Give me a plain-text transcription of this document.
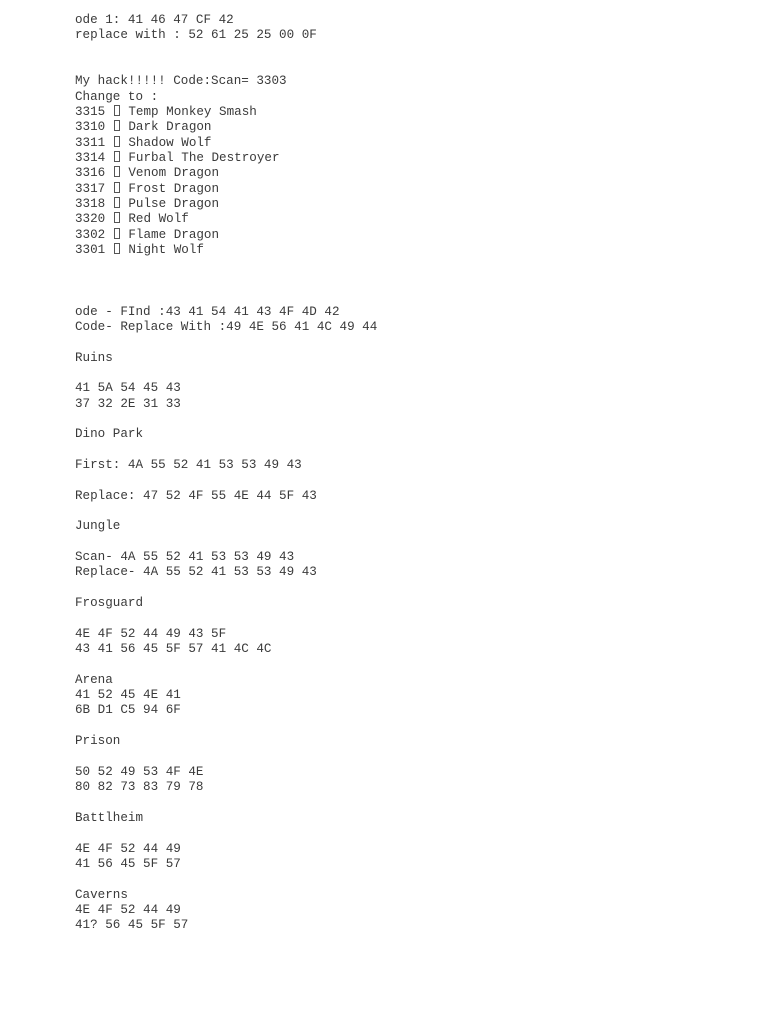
ode 1: 41 46 47 CF 42
replace with : 52 61 25 25 00 0F
My hack!!!!! Code:Scan= 3303
Change to :
3315 Temp Monkey Smash
3310 Dark Dragon
3311 Shadow Wolf
3314 Furbal The Destroyer
3316 Venom Dragon
3317 Frost Dragon
3318 Pulse Dragon
3320 Red Wolf
3302 Flame Dragon
3301 Night Wolf
ode - FInd :43 41 54 41 43 4F 4D 42
Code- Replace With :49 4E 56 41 4C 49 44
Ruins
41 5A 54 45 43
37 32 2E 31 33
Dino Park
First: 4A 55 52 41 53 53 49 43
Replace: 47 52 4F 55 4E 44 5F 43
Jungle
Scan- 4A 55 52 41 53 53 49 43
Replace- 4A 55 52 41 53 53 49 43
Frosguard
4E 4F 52 44 49 43 5F
43 41 56 45 5F 57 41 4C 4C
Arena
41 52 45 4E 41
6B D1 C5 94 6F
Prison
50 52 49 53 4F 4E
80 82 73 83 79 78
Battlheim
4E 4F 52 44 49
41 56 45 5F 57
Caverns
4E 4F 52 44 49
41? 56 45 5F 57
